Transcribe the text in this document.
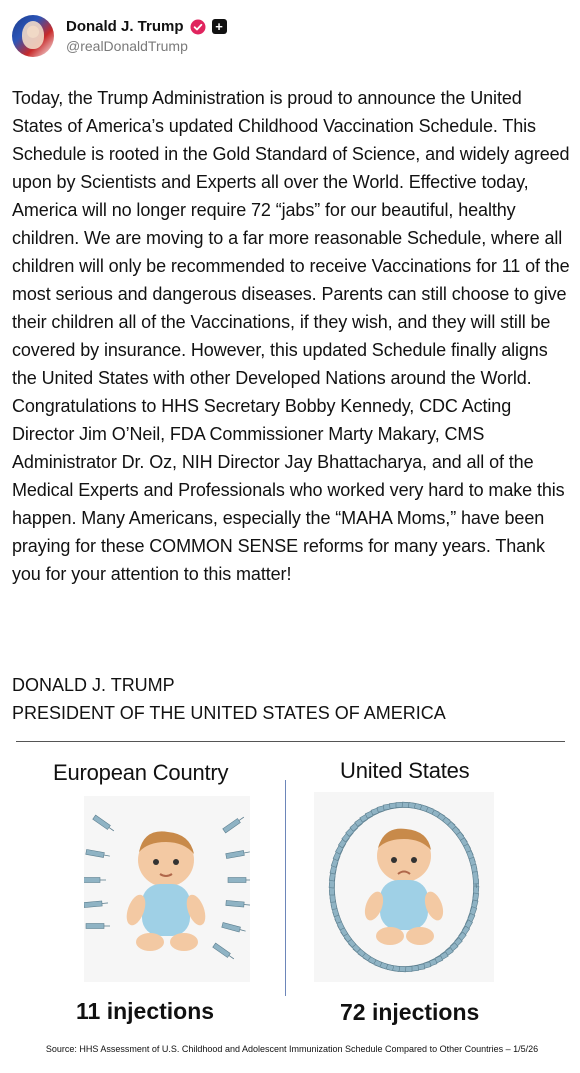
Donald J. Trump +
@realDonaldTrump

Today, the Trump Administration is proud to announce the United States of America’s updated Childhood Vaccination Schedule. This Schedule is rooted in the Gold Standard of Science, and widely agreed upon by Scientists and Experts all over the World. Effective today, America will no longer require 72 “jabs” for our beautiful, healthy children. We are moving to a far more reasonable Schedule, where all children will only be recommended to receive Vaccinations for 11 of the most serious and dangerous diseases. Parents can still choose to give their children all of the Vaccinations, if they wish, and they will still be covered by insurance. However, this updated Schedule finally aligns the United States with other Developed Nations around the World. Congratulations to HHS Secretary Bobby Kennedy, CDC Acting Director Jim O’Neil, FDA Commissioner Marty Makary, CMS Administrator Dr. Oz, NIH Director Jay Bhattacharya, and all of the Medical Experts and Professionals who worked very hard to make this happen. Many Americans, especially the “MAHA Moms,” have been praying for these COMMON SENSE reforms for many years. Thank you for your attention to this matter!

DONALD J. TRUMP
PRESIDENT OF THE UNITED STATES OF AMERICA
European Country	United States
11 injections	72 injections
Source: HHS Assessment of U.S. Childhood and Adolescent Immunization Schedule Compared to Other Countries – 1/5/26
